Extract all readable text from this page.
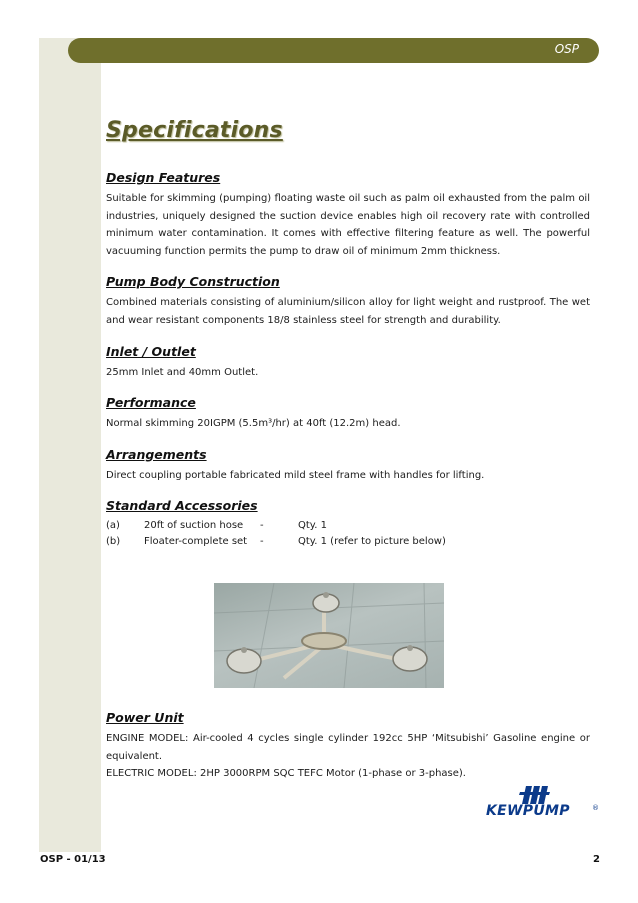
OSP
Specifications
Design Features

Suitable for skimming (pumping) floating waste oil such as palm oil exhausted from the palm oil industries, uniquely designed the suction device enables high oil recovery rate with controlled minimum water contamination. It comes with effective filtering feature as well. The powerful vacuuming function permits the pump to draw oil of minimum 2mm thickness.

Pump Body Construction

Combined materials consisting of aluminium/silicon alloy for light weight and rustproof. The wet and wear resistant components 18/8 stainless steel for strength and durability.

Inlet / Outlet

25mm Inlet and 40mm Outlet.

Performance

Normal skimming 20IGPM (5.5m³/hr) at 40ft (12.2m) head.

Arrangements

Direct coupling portable fabricated mild steel frame with handles for lifting.

Standard Accessories
(a)	20ft of suction hose	-	Qty. 1
(b)	Floater-complete set	-	Qty. 1 (refer to picture below)
Power Unit

ENGINE MODEL: Air-cooled 4 cycles single cylinder 192cc 5HP ‘Mitsubishi’ Gasoline engine or equivalent.

ELECTRIC MODEL: 2HP 3000RPM SQC TEFC Motor (1-phase or 3-phase).

KEWPUMP	®
OSP - 01/13	2
